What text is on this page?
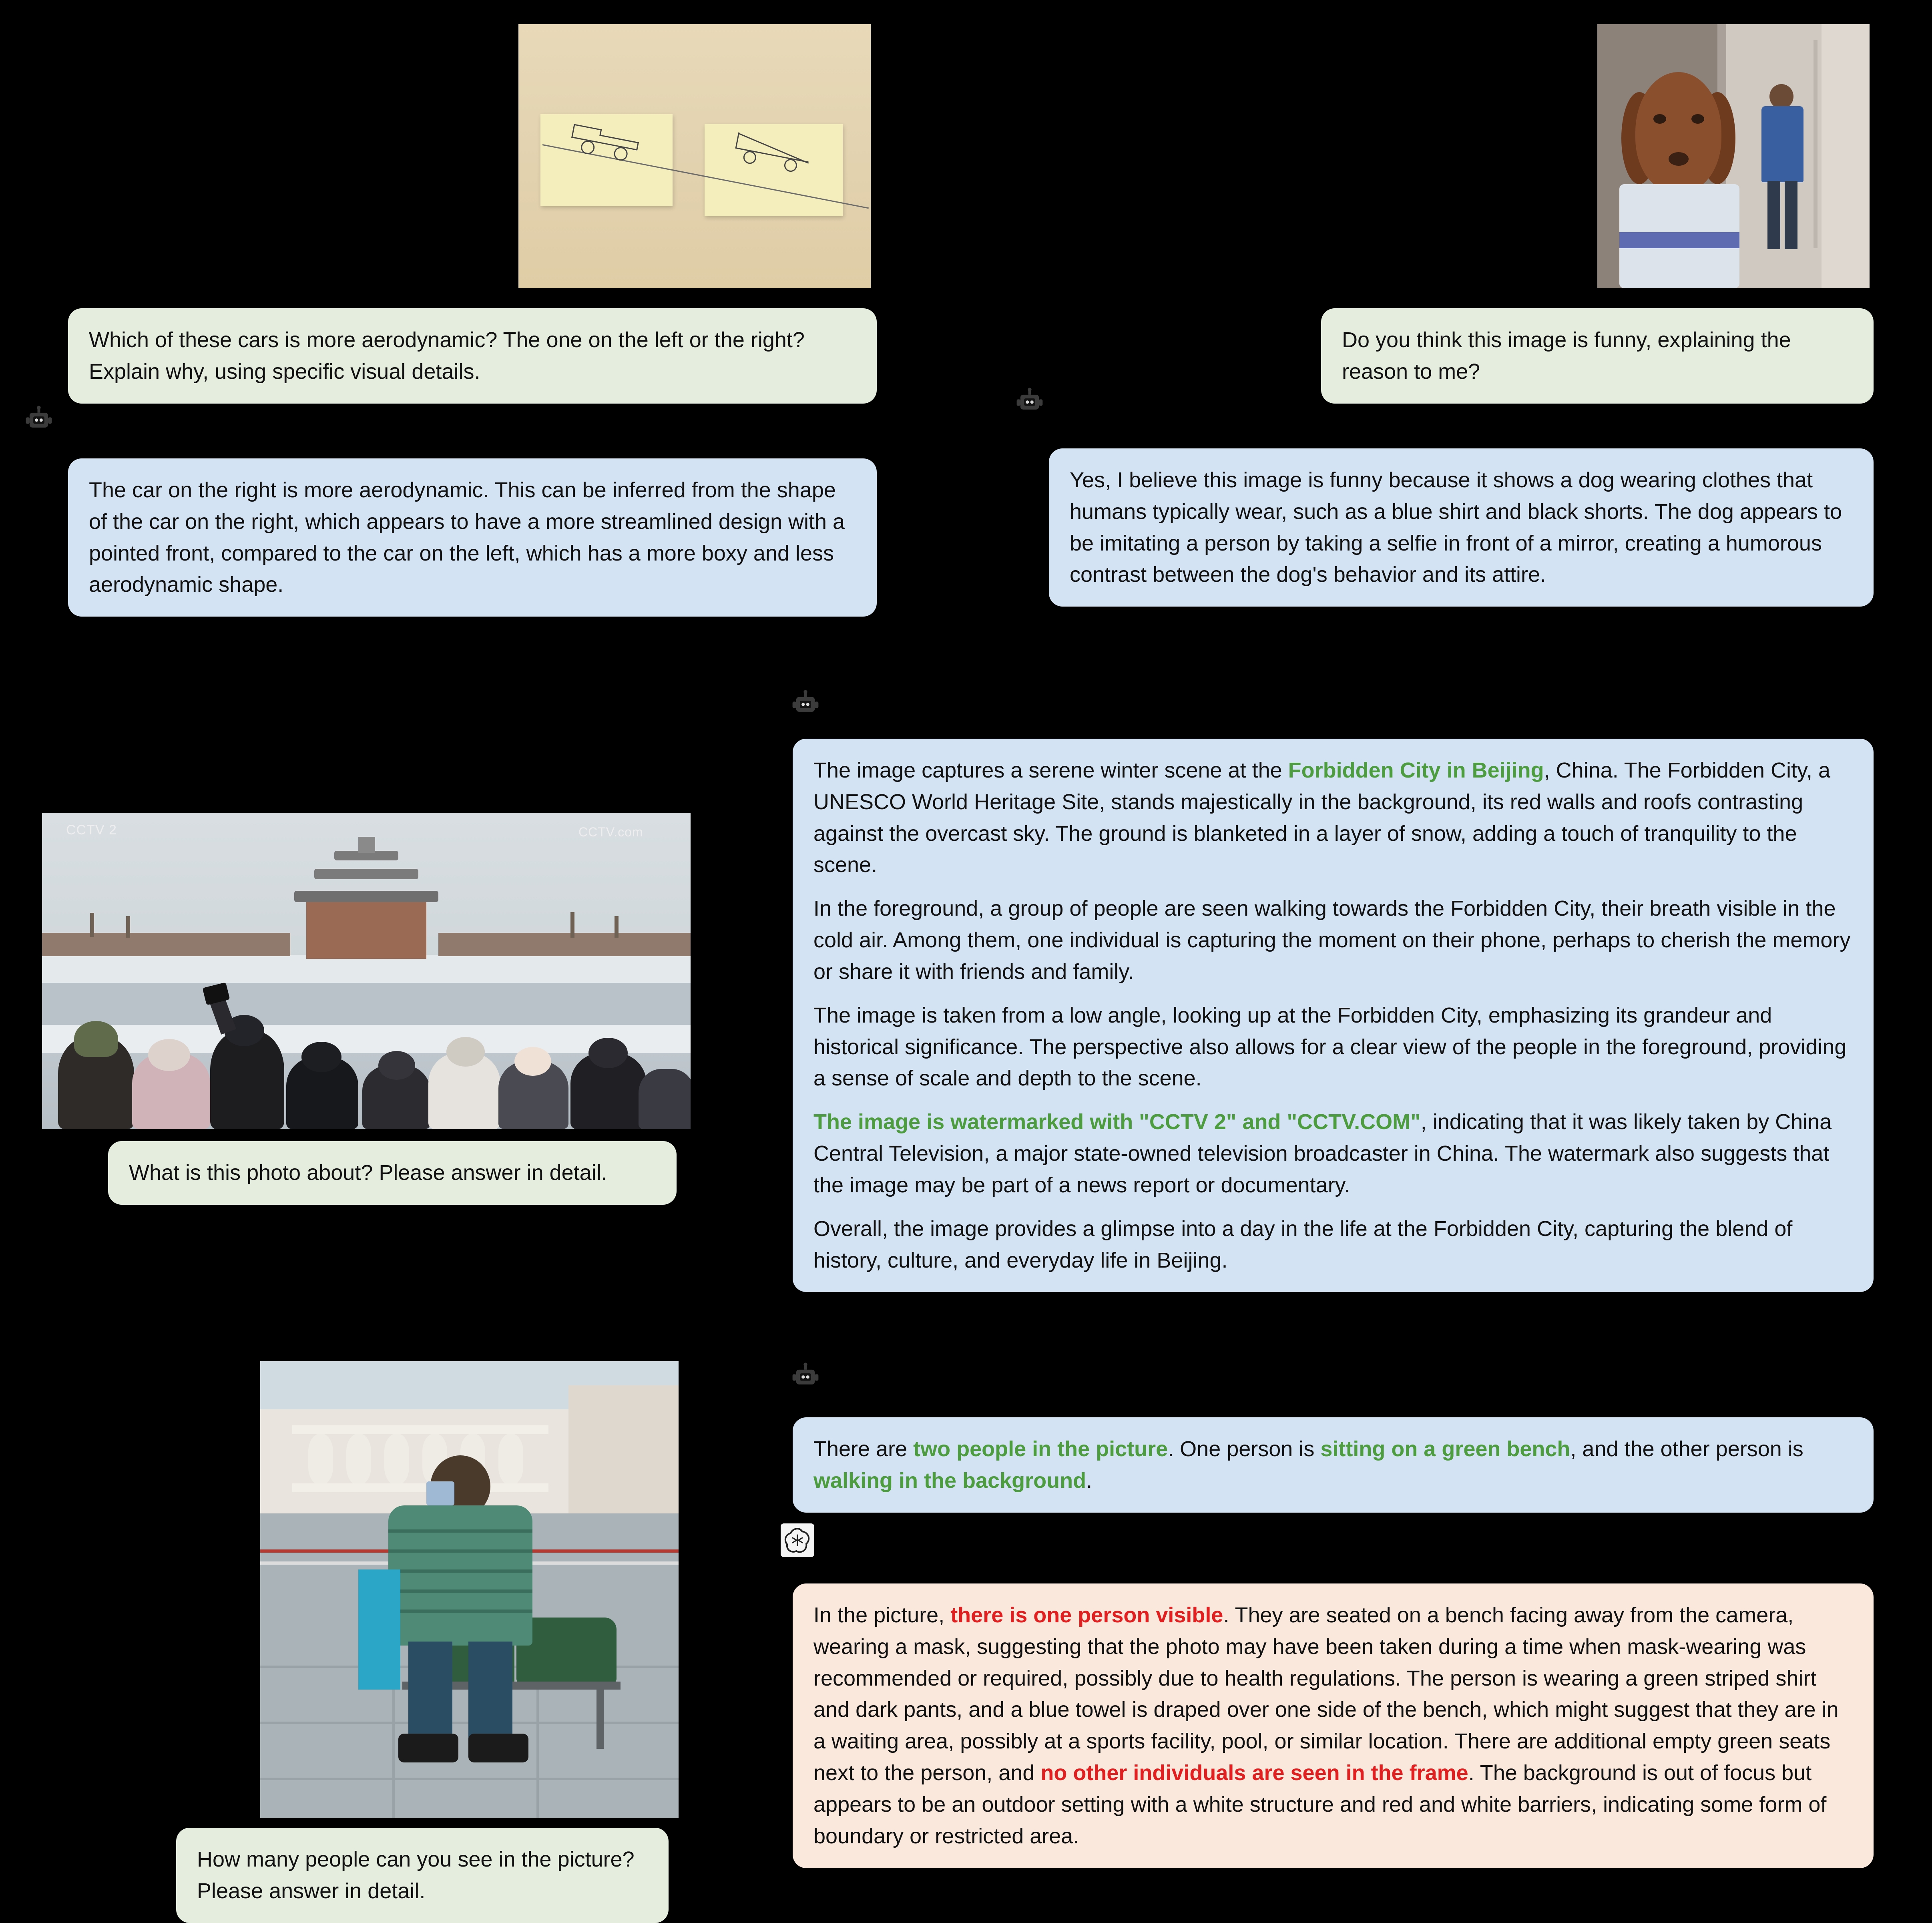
Which of these cars is more aerodynamic? The one on the left or the right? Explain why, using specific visual details.
The car on the right is more aerodynamic. This can be inferred from the shape of the car on the right, which appears to have a more streamlined design with a pointed front, compared to the car on the left, which has a more boxy and less aerodynamic shape.
Do you think this image is funny, explaining the reason to me?
Yes, I believe this image is funny because it shows a dog wearing clothes that humans typically wear, such as a blue shirt and black shorts. The dog appears to be imitating a person by taking a selfie in front of a mirror, creating a humorous contrast between the dog's behavior and its attire.
CCTV 2	CCTV.com
What is this photo about? Please answer in detail.

The image captures a serene winter scene at the Forbidden City in Beijing, China. The Forbidden City, a UNESCO World Heritage Site, stands majestically in the background, its red walls and roofs contrasting against the overcast sky. The ground is blanketed in a layer of snow, adding a touch of tranquility to the scene.

In the foreground, a group of people are seen walking towards the Forbidden City, their breath visible in the cold air. Among them, one individual is capturing the moment on their phone, perhaps to cherish the memory or share it with friends and family.

The image is taken from a low angle, looking up at the Forbidden City, emphasizing its grandeur and historical significance. The perspective also allows for a clear view of the people in the foreground, providing a sense of scale and depth to the scene.

The image is watermarked with "CCTV 2" and "CCTV.COM", indicating that it was likely taken by China Central Television, a major state-owned television broadcaster in China. The watermark also suggests that the image may be part of a news report or documentary.

Overall, the image provides a glimpse into a day in the life at the Forbidden City, capturing the blend of history, culture, and everyday life in Beijing.

There are two people in the picture. One person is sitting on a green bench, and the other person is walking in the background.

In the picture, there is one person visible. They are seated on a bench facing away from the camera, wearing a mask, suggesting that the photo may have been taken during a time when mask-wearing was recommended or required, possibly due to health regulations. The person is wearing a green striped shirt and dark pants, and a blue towel is draped over one side of the bench, which might suggest that they are in a waiting area, possibly at a sports facility, pool, or similar location. There are additional empty green seats next to the person, and no other individuals are seen in the frame. The background is out of focus but appears to be an outdoor setting with a white structure and red and white barriers, indicating some form of boundary or restricted area.

How many people can you see in the picture? Please answer in detail.
